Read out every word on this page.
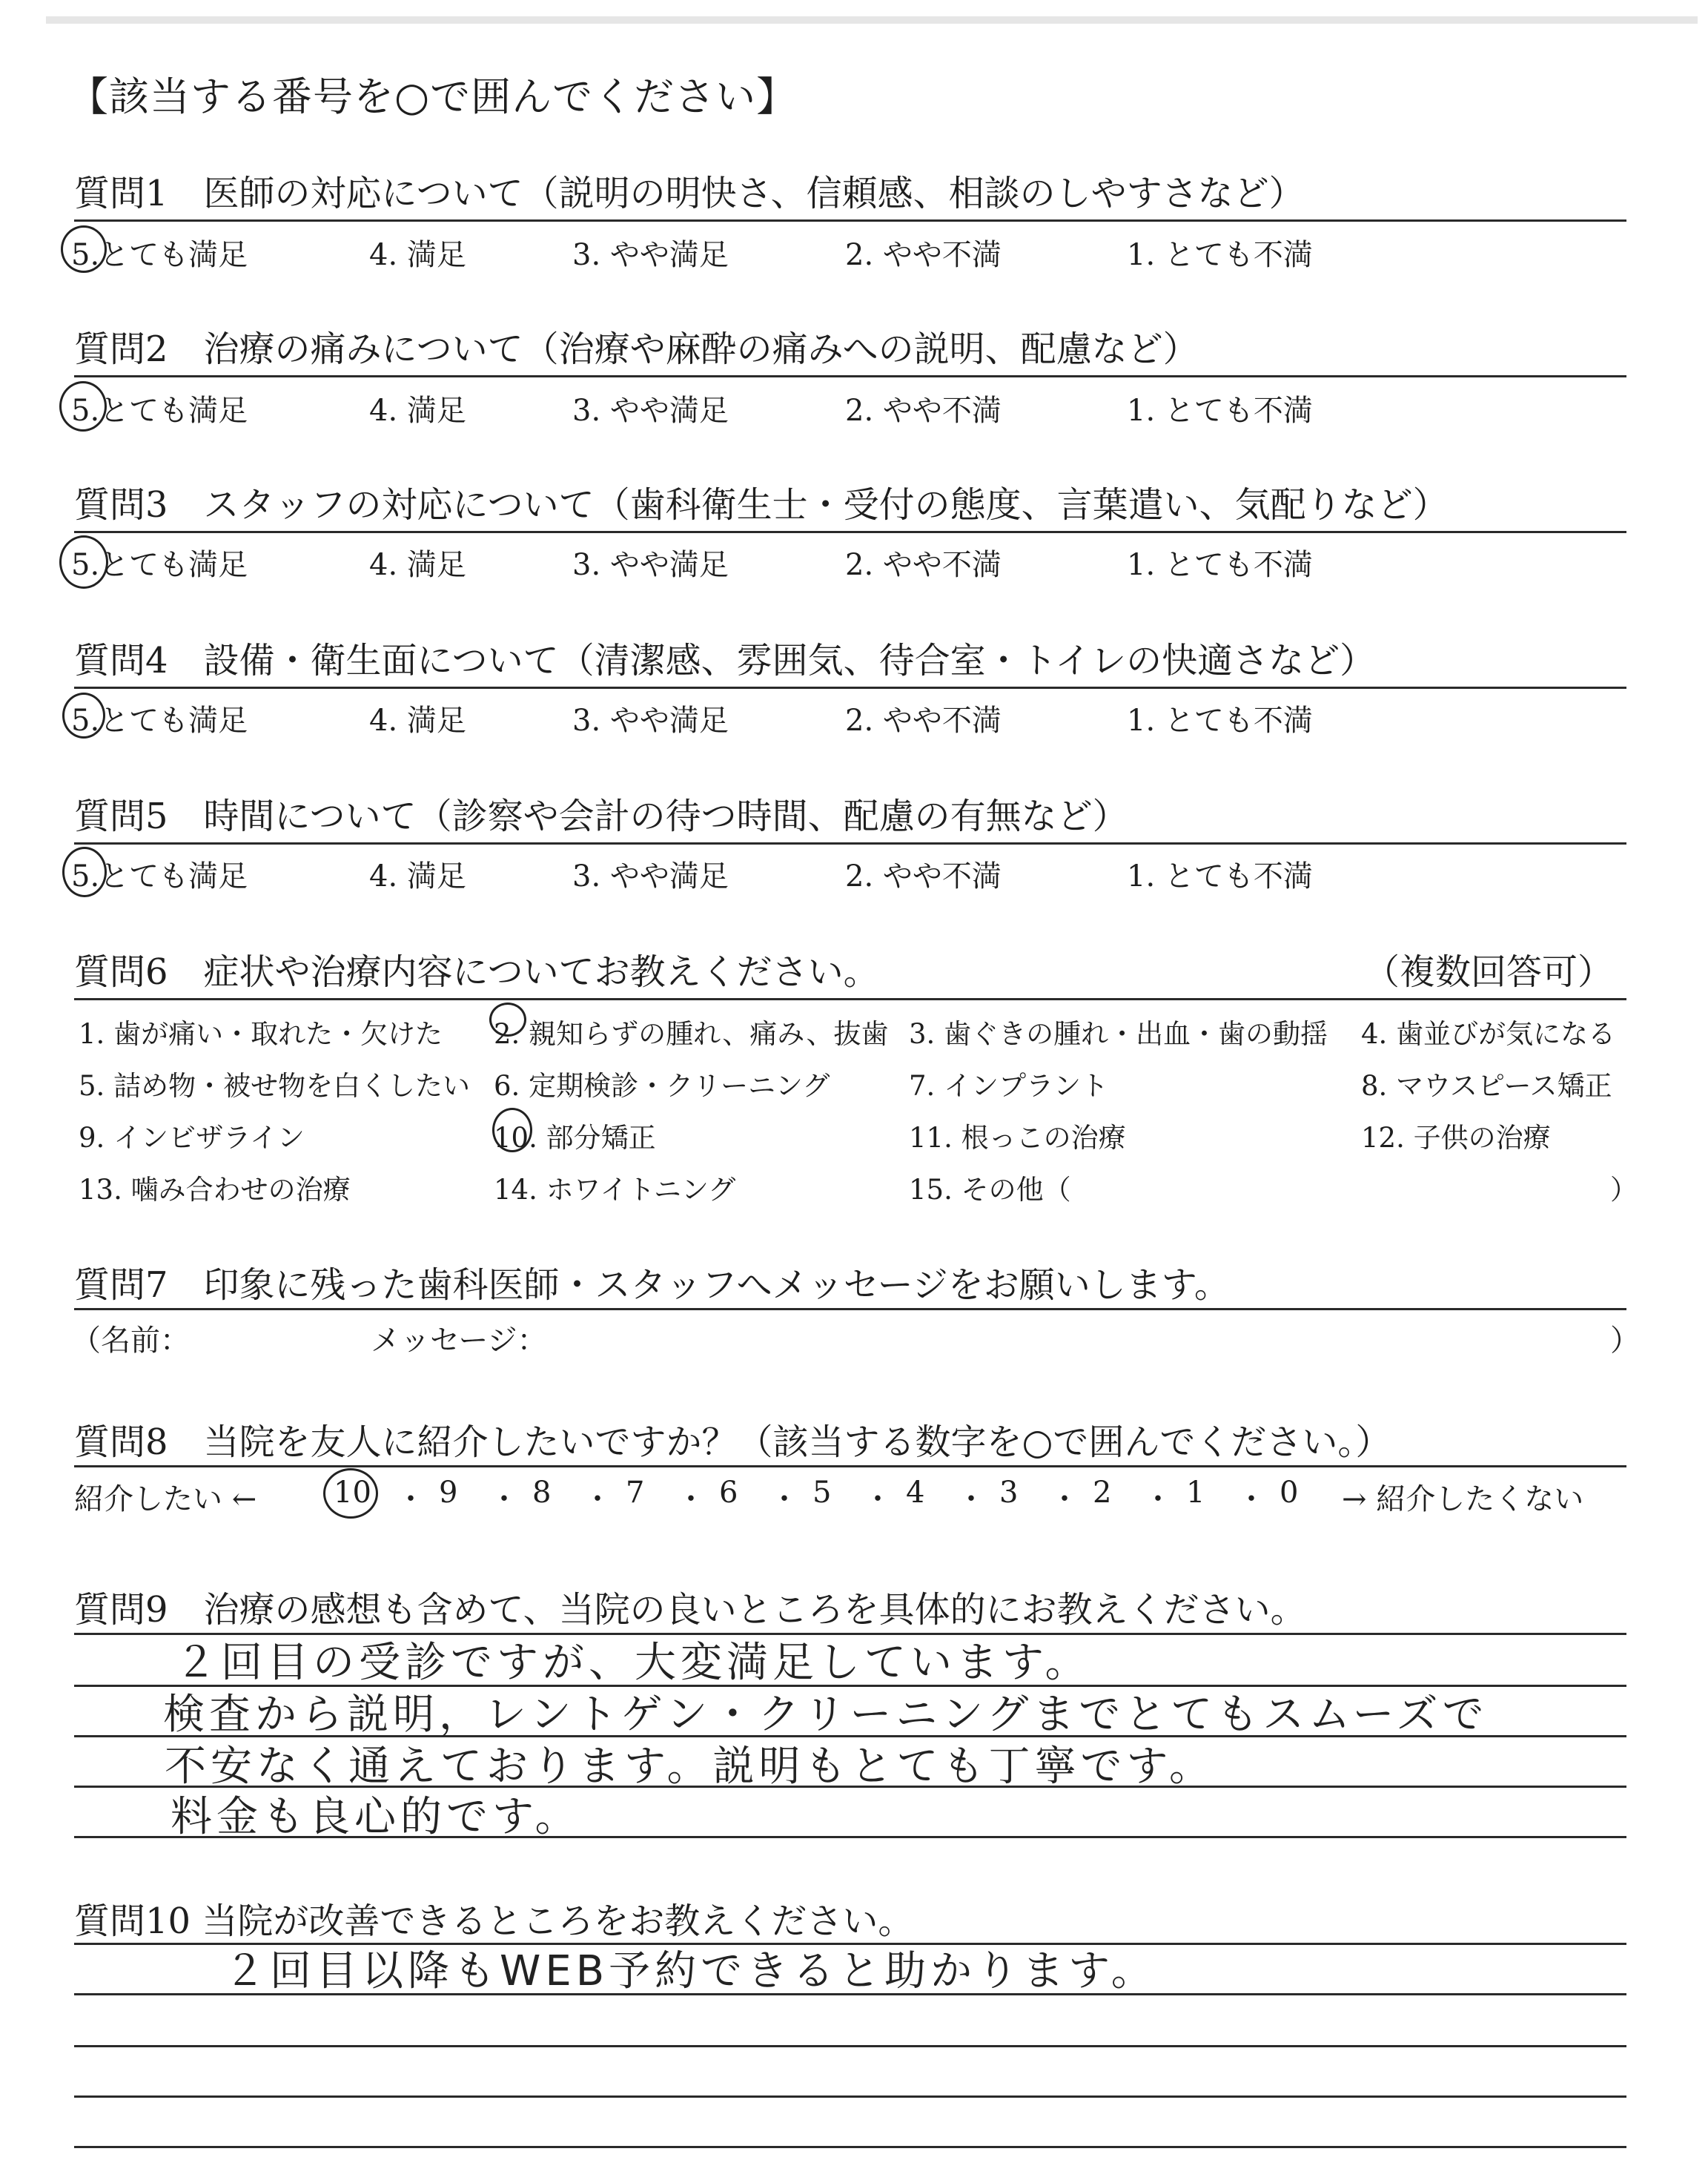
【該当する番号を○で囲んでください】
質問1　医師の対応について（説明の明快さ、信頼感、相談のしやすさなど）
5.とても満足	4. 満足	3. やや満足	2. やや不満	1. とても不満
質問2　治療の痛みについて（治療や麻酔の痛みへの説明、配慮など）
5.とても満足	4. 満足	3. やや満足	2. やや不満	1. とても不満
質問3　スタッフの対応について（歯科衛生士・受付の態度、言葉遣い、気配りなど）
5.とても満足	4. 満足	3. やや満足	2. やや不満	1. とても不満
質問4　設備・衛生面について（清潔感、雰囲気、待合室・トイレの快適さなど）
5.とても満足	4. 満足	3. やや満足	2. やや不満	1. とても不満
質問5　時間について（診察や会計の待つ時間、配慮の有無など）
5.とても満足	4. 満足	3. やや満足	2. やや不満	1. とても不満
質問6　症状や治療内容についてお教えください。	（複数回答可）
1. 歯が痛い・取れた・欠けた 2. 親知らずの腫れ、痛み、抜歯 3. 歯ぐきの腫れ・出血・歯の動揺 4. 歯並びが気になる
5. 詰め物・被せ物を白くしたい 6. 定期検診・クリーニング	7. インプラント	8. マウスピース矯正
9. インビザライン	10. 部分矯正	11. 根っこの治療	12. 子供の治療
13. 噛み合わせの治療	14. ホワイトニング	15. その他（	）
質問7　印象に残った歯科医師・スタッフへメッセージをお願いします。
（名前：	メッセージ：	）
質問8　当院を友人に紹介したいですか？（該当する数字を○で囲んでください。）
紹介したい ←	→ 紹介したくない
10 ・ 9 ・ 8 ・ 7 ・ 6 ・ 5 ・ 4 ・ 3 ・ 2 ・ 1 ・ 0
質問9　治療の感想も含めて、当院の良いところを具体的にお教えください。
２回目の受診ですが、大変満足しています。
検査から説明，レントゲン・クリーニングまでとてもスムーズで
不安なく通えております。説明もとても丁寧です。
料金も良心的です。
質問10 当院が改善できるところをお教えください。
２回目以降もWEB予約できると助かります。
